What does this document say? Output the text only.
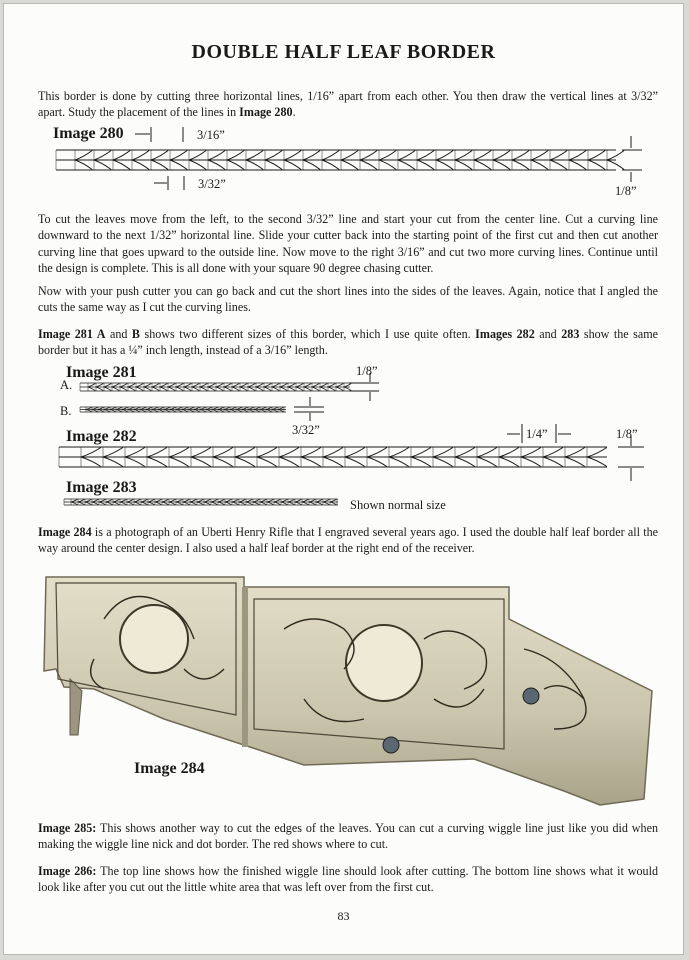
DOUBLE HALF LEAF BORDER
This border is done by cutting three horizontal lines, 1/16” apart from each other. You then draw the vertical lines at 3/32” apart. Study the placement of the lines in Image 280.
Image 280	3/16”
3/32”	1/8”
To cut the leaves move from the left, to the second 3/32” line and start your cut from the center line. Cut a curving line downward to the next 1/32” horizontal line. Slide your cutter back into the starting point of the first cut and then cut another curving line that goes upward to the outside line. Now move to the right 3/16” and cut two more curving lines. Continue until the design is complete. This is all done with your square 90 degree chasing cutter.
Now with your push cutter you can go back and cut the short lines into the sides of the leaves. Again, notice that I angled the cuts the same way as I cut the curving lines.
Image 281 A and B shows two different sizes of this border, which I use quite often. Images 282 and 283 show the same border but it has a ¼” inch length, instead of a 3/16” length.
Image 281
A.
B.
1/8”
3/32”
Image 282	1/4”	1/8”
Image 283
Shown normal size
Image 284 is a photograph of an Uberti Henry Rifle that I engraved several years ago. I used the double half leaf border all the way around the center design. I also used a half leaf border at the right end of the receiver.
Image 284
Image 285: This shows another way to cut the edges of the leaves. You can cut a curving wiggle line just like you did when making the wiggle line nick and dot border. The red shows where to cut.
Image 286: The top line shows how the finished wiggle line should look after cutting. The bottom line shows what it would look like after you cut out the little white area that was left over from the first cut.
83
